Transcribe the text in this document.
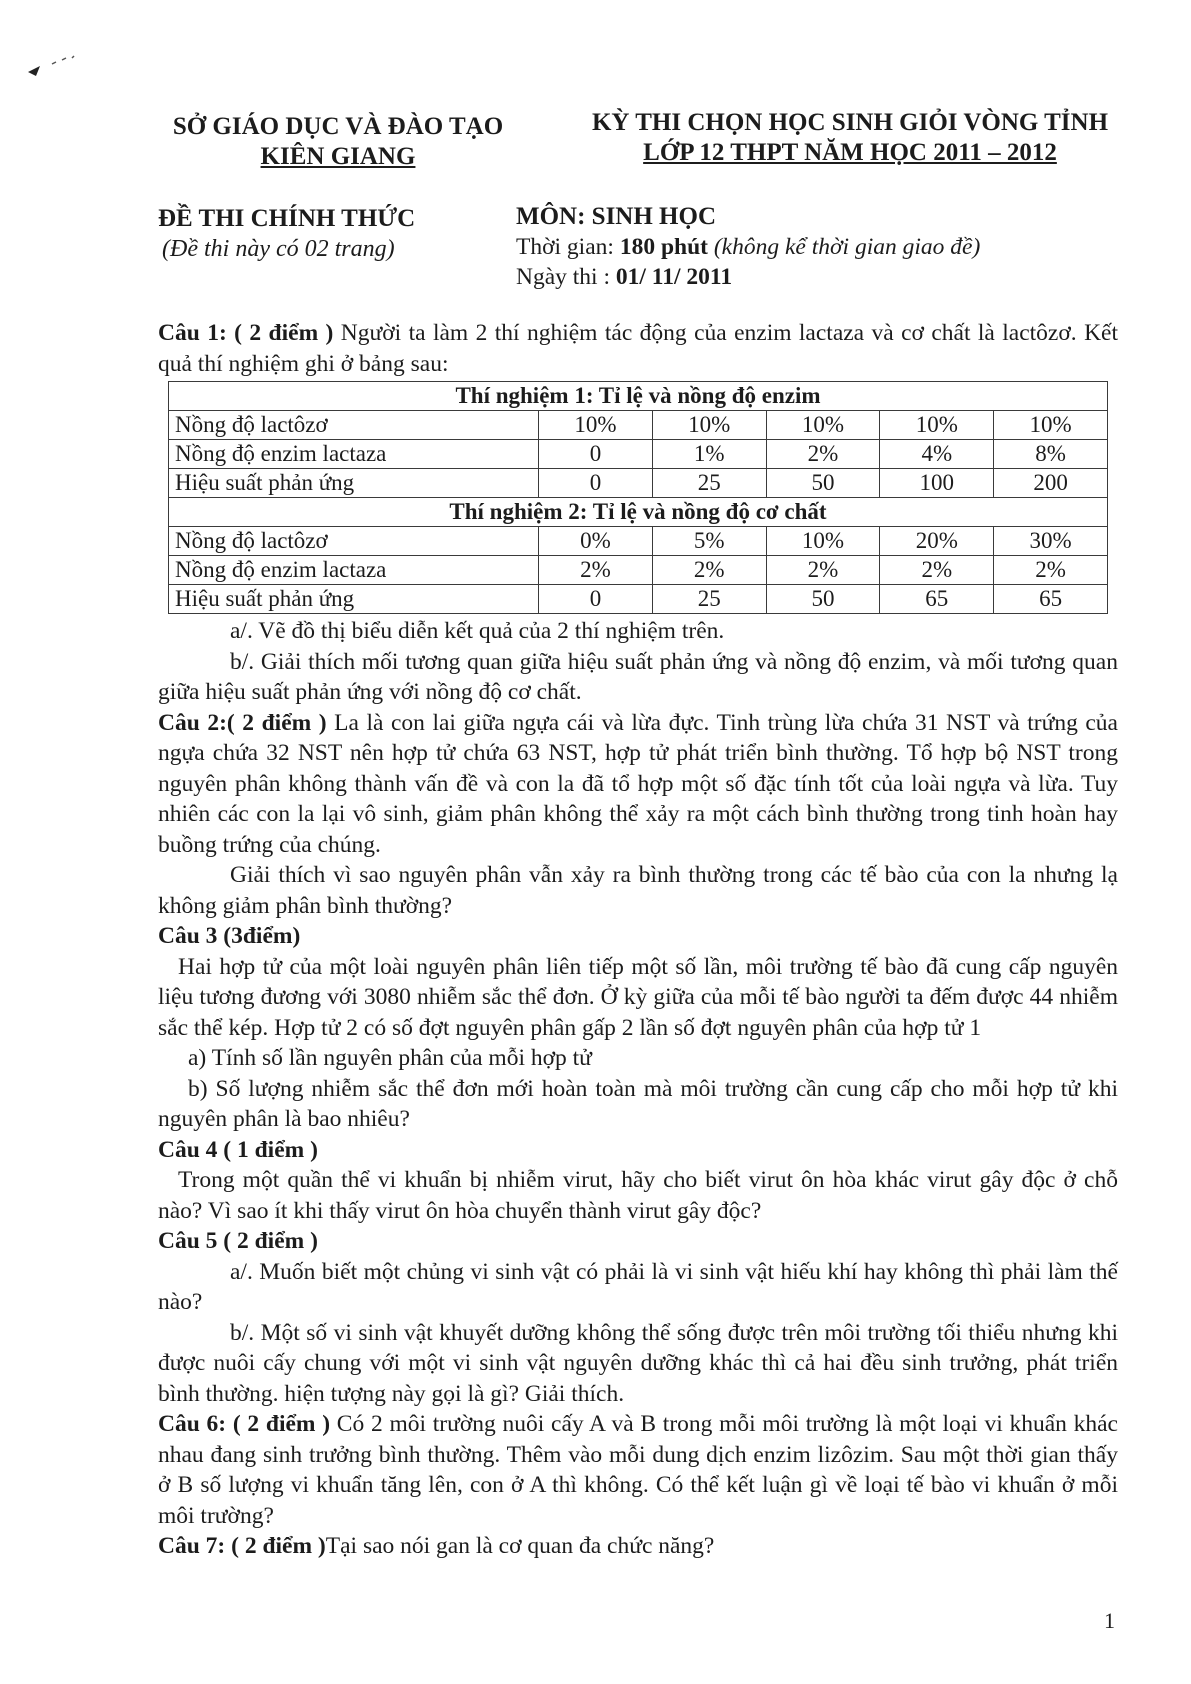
SỞ GIÁO DỤC VÀ ĐÀO TẠO
KIÊN GIANG
KỲ THI CHỌN HỌC SINH GIỎI VÒNG TỈNH
LỚP 12 THPT NĂM HỌC 2011 – 2012
ĐỀ THI CHÍNH THỨC
(Đề thi này có 02 trang)
MÔN: SINH HỌC
Thời gian: 180 phút (không kể thời gian giao đề)
Ngày thi : 01/ 11/ 2011

Câu 1: ( 2 điểm ) Người ta làm 2 thí nghiệm tác động của enzim lactaza và cơ chất là lactôzơ. Kết quả thí nghiệm ghi ở bảng sau:

Thí nghiệm 1: Tỉ lệ và nồng độ enzim					
Nồng độ lactôzơ	10%	10%	10%	10%	10%
Nồng độ enzim lactaza	0	1%	2%	4%	8%
Hiệu suất phản ứng	0	25	50	100	200
Thí nghiệm 2: Tỉ lệ và nồng độ cơ chất					
Nồng độ lactôzơ	0%	5%	10%	20%	30%
Nồng độ enzim lactaza	2%	2%	2%	2%	2%
Hiệu suất phản ứng	0	25	50	65	65

a/. Vẽ đồ thị biểu diễn kết quả của 2 thí nghiệm trên.

b/. Giải thích mối tương quan giữa hiệu suất phản ứng và nồng độ enzim, và mối tương quan giữa hiệu suất phản ứng với nồng độ cơ chất.

Câu 2:( 2 điểm ) La là con lai giữa ngựa cái và lừa đực. Tinh trùng lừa chứa 31 NST và trứng của ngựa chứa 32 NST nên hợp tử chứa 63 NST, hợp tử phát triển bình thường. Tổ hợp bộ NST trong nguyên phân không thành vấn đề và con la đã tổ hợp một số đặc tính tốt của loài ngựa và lừa. Tuy nhiên các con la lại vô sinh, giảm phân không thể xảy ra một cách bình thường trong tinh hoàn hay buồng trứng của chúng.

Giải thích vì sao nguyên phân vẫn xảy ra bình thường trong các tế bào của con la nhưng lạ không giảm phân bình thường?

Câu 3 (3điểm)

Hai hợp tử của một loài nguyên phân liên tiếp một số lần, môi trường tế bào đã cung cấp nguyên liệu tương đương với 3080 nhiễm sắc thể đơn. Ở kỳ giữa của mỗi tế bào người ta đếm được 44 nhiễm sắc thể kép. Hợp tử 2 có số đợt nguyên phân gấp 2 lần số đợt nguyên phân của hợp tử 1

a) Tính số lần nguyên phân của mỗi hợp tử

b) Số lượng nhiễm sắc thể đơn mới hoàn toàn mà môi trường cần cung cấp cho mỗi hợp tử khi nguyên phân là bao nhiêu?

Câu 4 ( 1 điểm )

Trong một quần thể vi khuẩn bị nhiễm virut, hãy cho biết virut ôn hòa khác virut gây độc ở chỗ nào? Vì sao ít khi thấy virut ôn hòa chuyển thành virut gây độc?

Câu 5 ( 2 điểm )

a/. Muốn biết một chủng vi sinh vật có phải là vi sinh vật hiếu khí hay không thì phải làm thế nào?

b/. Một số vi sinh vật khuyết dưỡng không thể sống được trên môi trường tối thiểu nhưng khi được nuôi cấy chung với một vi sinh vật nguyên dưỡng khác thì cả hai đều sinh trưởng, phát triển bình thường. hiện tượng này gọi là gì? Giải thích.

Câu 6: ( 2 điểm ) Có 2 môi trường nuôi cấy A và B trong mỗi môi trường là một loại vi khuẩn khác nhau đang sinh trưởng bình thường. Thêm vào mỗi dung dịch enzim lizôzim. Sau một thời gian thấy ở B số lượng vi khuẩn tăng lên, con ở A thì không. Có thể kết luận gì về loại tế bào vi khuẩn ở mỗi môi trường?

Câu 7: ( 2 điểm )Tại sao nói gan là cơ quan đa chức năng?

1
